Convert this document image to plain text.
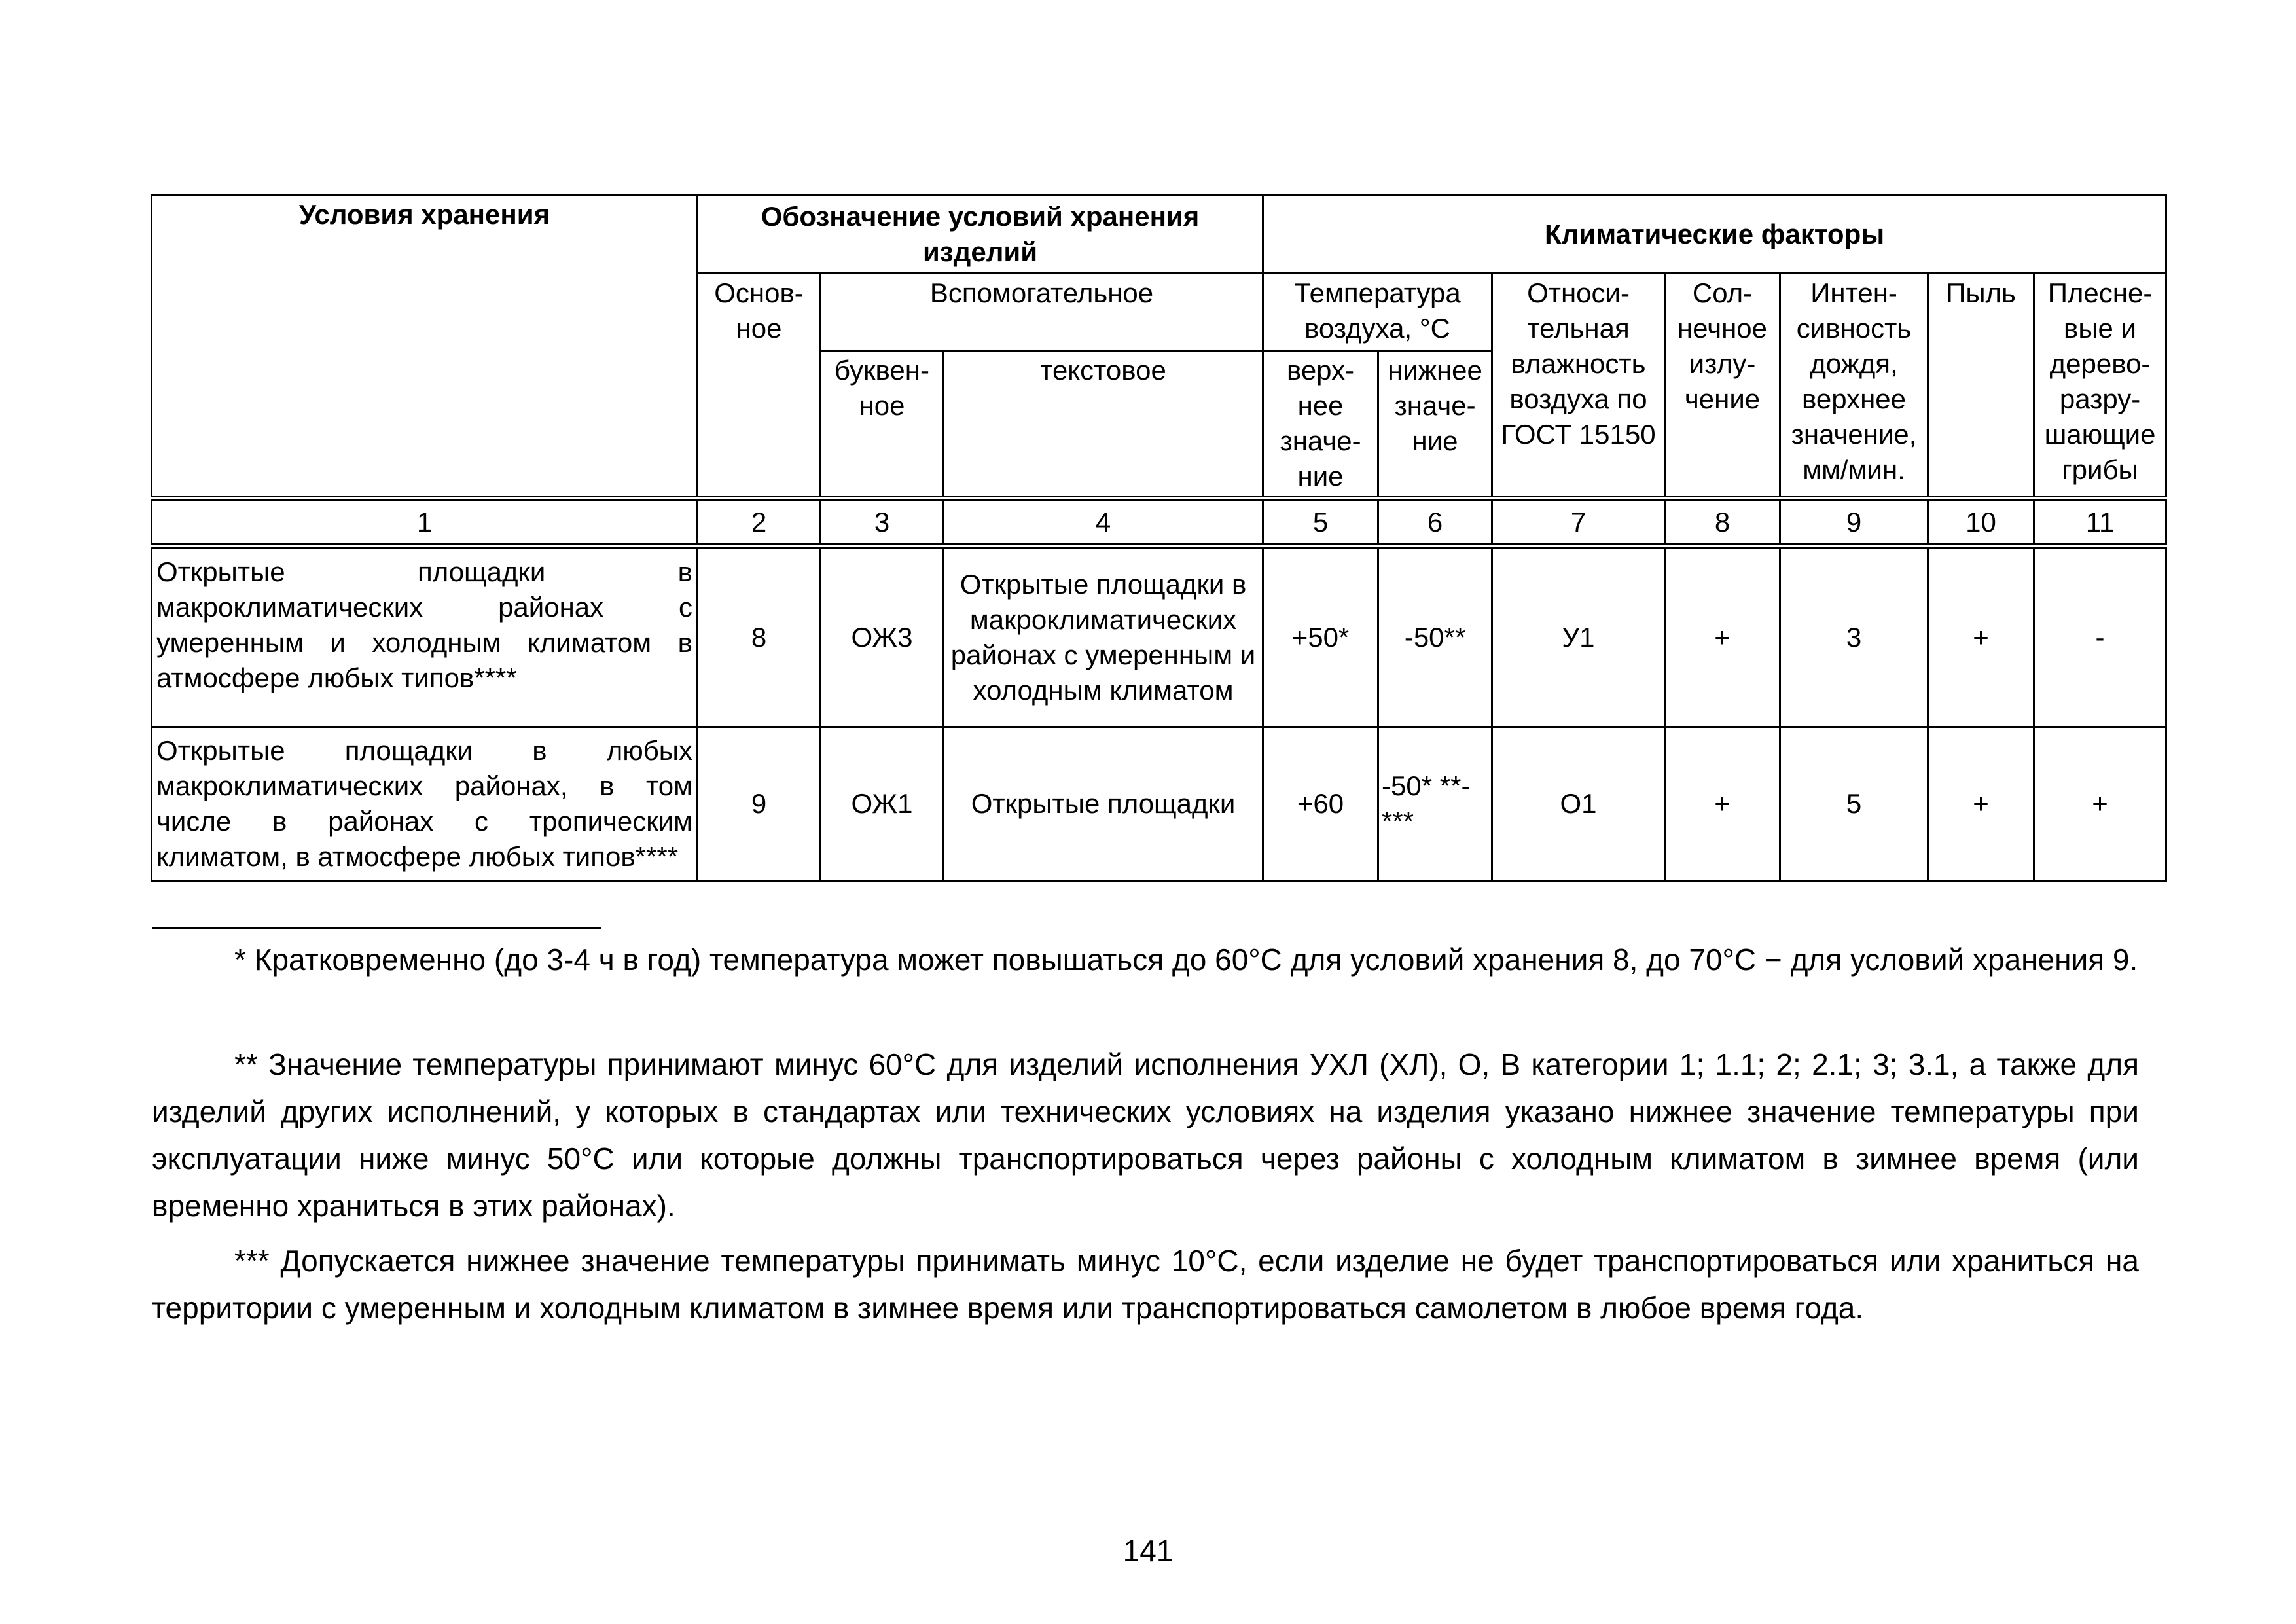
Условия хранения	Обозначение условий хранения изделий			Климатические факторы						
	Основ-ное	Вспомогательное		Температура воздуха, °С		Относи-тельная влажность воздуха по ГОСТ 15150	Сол-нечное излу-чение	Интен-сивность дождя, верхнее значение, мм/мин.	Пыль	Плесне-вые и дерево-разру-шающие грибы
		буквен-ное	текстовое	верх-нее значе-ние	нижнее значе-ние					
1	2	3	4	5	6	7	8	9	10	11
Открытые площадки в макроклиматических районах с умеренным и холодным климатом в атмосфере любых типов****	8	ОЖ3	Открытые площадки в макроклиматических районах с умеренным и холодным климатом	+50*	-50**	У1	+	3	+	-
Открытые площадки в любых макроклиматических районах, в том числе в районах с тропическим климатом, в атмосфере любых типов****	9	ОЖ1	Открытые площадки	+60	-50* **-***	О1	+	5	+	+

* Кратковременно (до 3-4 ч в год) температура может повышаться до 60°С для условий хранения 8, до 70°С − для условий хранения 9.

** Значение температуры принимают минус 60°С для изделий исполнения УХЛ (ХЛ), О, В категории 1; 1.1; 2; 2.1; 3; 3.1, а также для изделий других исполнений, у которых в стандартах или технических условиях на изделия указано нижнее значение температуры при эксплуатации ниже минус 50°С или которые должны транспортироваться через районы с холодным климатом в зимнее время (или временно храниться в этих районах).

*** Допускается нижнее значение температуры принимать минус 10°С, если изделие не будет транспортироваться или храниться на территории с умеренным и холодным климатом в зимнее время или транспортироваться самолетом в любое время года.

141
